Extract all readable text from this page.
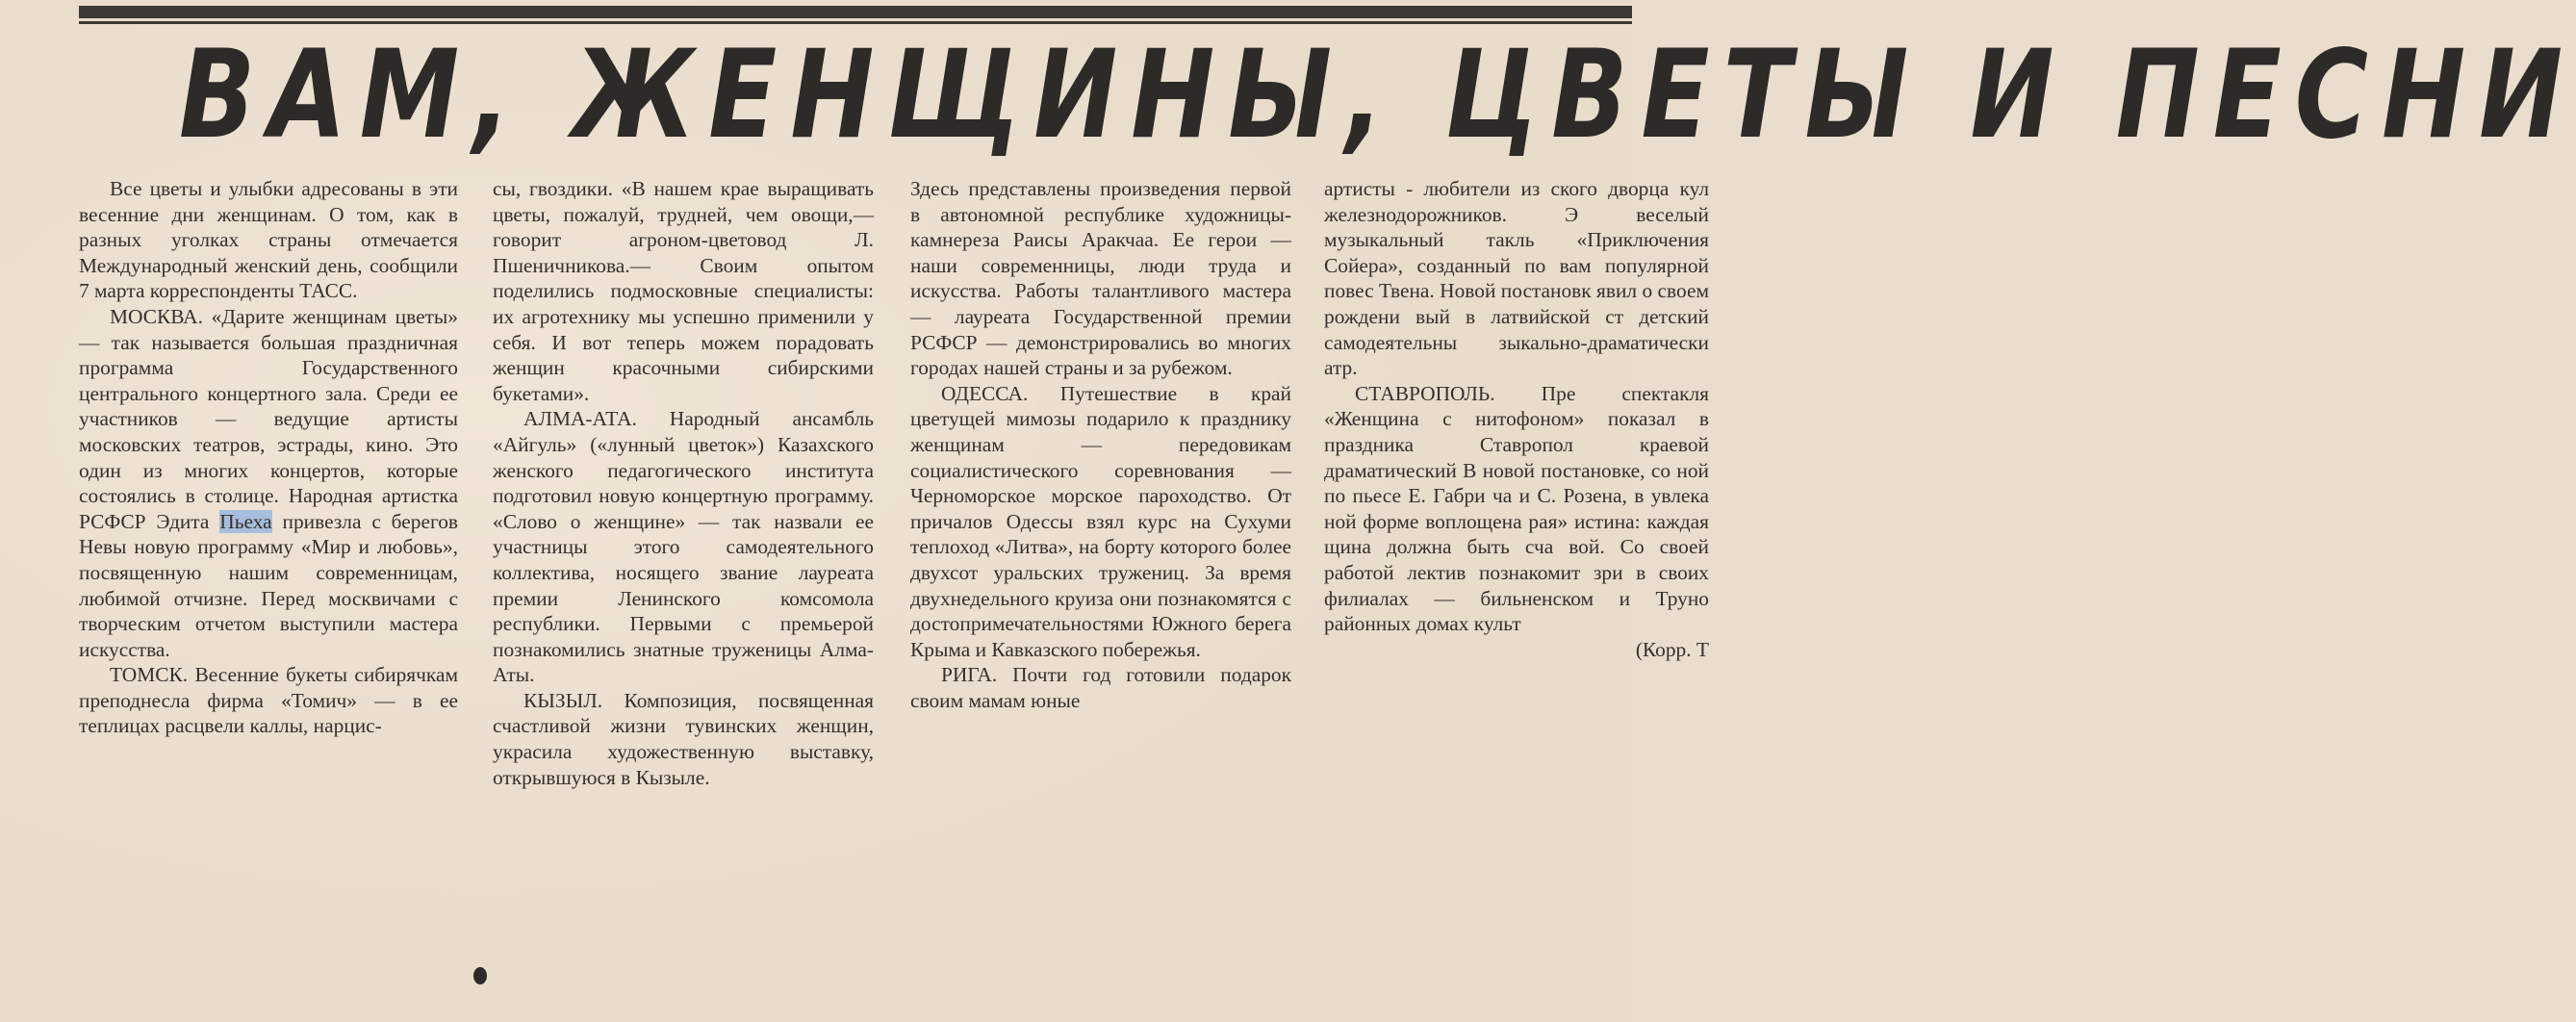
ВАМ, ЖЕНЩИНЫ, ЦВЕТЫ И ПЕСНИ

Все цветы и улыбки адресованы в эти весенние дни женщинам. О том, как в разных уголках страны отмечается Международный женский день, сообщили 7 марта корреспонденты ТАСС.

МОСКВА. «Дарите женщинам цветы» — так называется большая праздничная программа Государственного центрального концертного зала. Среди ее участников — ведущие артисты московских театров, эстрады, кино. Это один из многих концертов, которые состоялись в столице. Народная артистка РСФСР Эдита Пьеха привезла с берегов Невы новую программу «Мир и любовь», посвященную нашим современницам, любимой отчизне. Перед москвичами с творческим отчетом выступили мастера искусства.

ТОМСК. Весенние букеты сибирячкам преподнесла фирма «Томич» — в ее теплицах расцвели каллы, нарцис-

сы, гвоздики. «В нашем крае выращивать цветы, пожалуй, трудней, чем овощи,— говорит агроном-цветовод Л. Пшеничникова.— Своим опытом поделились подмосковные специалисты: их агротехнику мы успешно применили у себя. И вот теперь можем порадовать женщин красочными сибирскими букетами».

АЛМА-АТА. Народный ансамбль «Айгуль» («лунный цветок») Казахского женского педагогического института подготовил новую концертную программу. «Слово о женщине» — так назвали ее участницы этого самодеятельного коллектива, носящего звание лауреата премии Ленинского комсомола республики. Первыми с премьерой познакомились знатные труженицы Алма-Аты.

КЫЗЫЛ. Композиция, посвященная счастливой жизни тувинских женщин, украсила художественную выставку, открывшуюся в Кызыле.

Здесь представлены произведения первой в автономной республике художницы-камнереза Раисы Аракчаа. Ее герои — наши современницы, люди труда и искусства. Работы талантливого мастера — лауреата Государственной премии РСФСР — демонстрировались во многих городах нашей страны и за рубежом.

ОДЕССА. Путешествие в край цветущей мимозы подарило к празднику женщинам — передовикам социалистического соревнования — Черноморское морское пароходство. От причалов Одессы взял курс на Сухуми теплоход «Литва», на борту которого более двухсот уральских тружениц. За время двухнедельного круиза они познакомятся с достопримечательностями Южного берега Крыма и Кавказского побережья.

РИГА. Почти год готовили подарок своим мамам юные

артисты - любители из ского дворца кул железнодорожников. Э веселый музыкальный такль «Приключения Сойера», созданный по вам популярной повес Твена. Новой постановк явил о своем рождени вый в латвийской ст детский самодеятельны зыкально-драматически атр.

СТАВРОПОЛЬ. Пре спектакля «Женщина с нитофоном» показал в праздника Ставропол краевой драматический В новой постановке, со ной по пьесе Е. Габри ча и С. Розена, в увлека ной форме воплощена рая» истина: каждая щина должна быть сча вой. Со своей работой лектив познакомит зри в своих филиалах — бильненском и Труно районных домах культ

(Корр. Т
